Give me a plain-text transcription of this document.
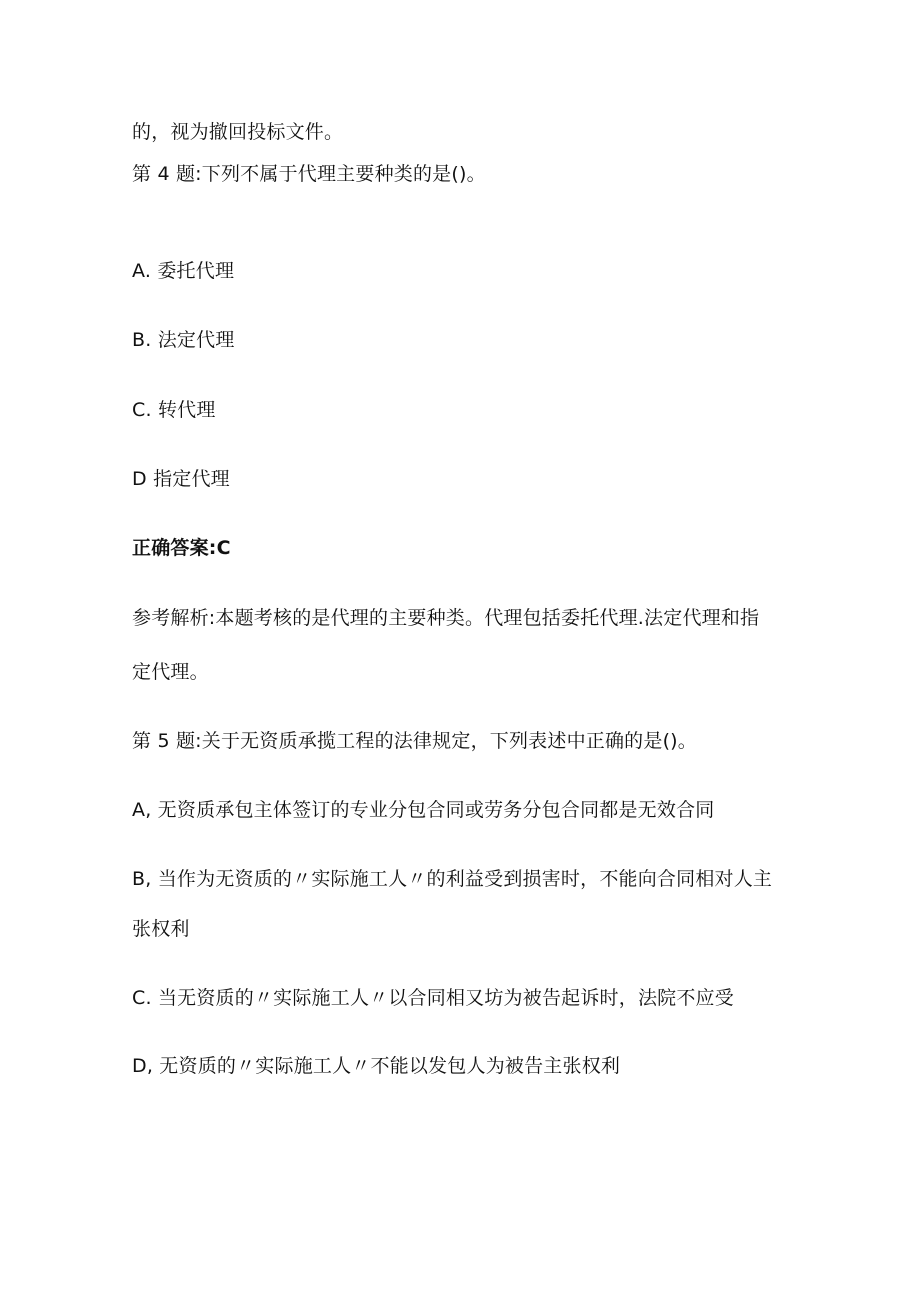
的，视为撤回投标文件。
第 4 题:下列不属于代理主要种类的是()。
A. 委托代理
B. 法定代理
C. 转代理
D 指定代理
正确答案:C
参考解析:本题考核的是代理的主要种类。代理包括委托代理.法定代理和指
定代理。
第 5 题:关于无资质承揽工程的法律规定，下列表述中正确的是()。
A, 无资质承包主体签订的专业分包合同或劳务分包合同都是无效合同
B, 当作为无资质的〃实际施工人〃的利益受到损害时，不能向合同相对人主
张权利
C. 当无资质的〃实际施工人〃以合同相又坊为被告起诉时，法院不应受
D, 无资质的〃实际施工人〃不能以发包人为被告主张权利
